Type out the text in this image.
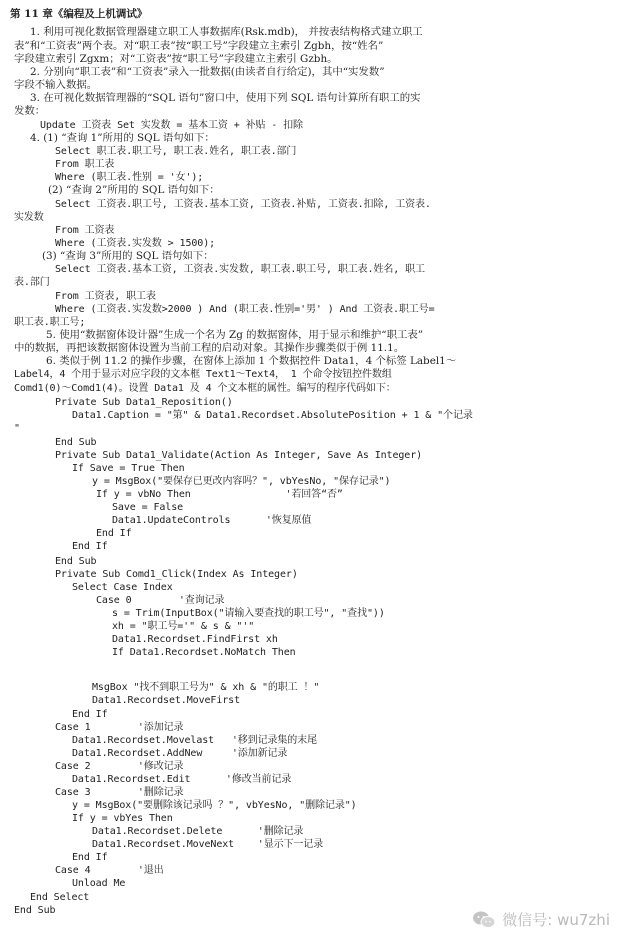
第 11 章《编程及上机调试》
1. 利用可视化数据管理器建立职工人事数据库(Rsk.mdb)， 并按表结构格式建立职工
表”和“工资表”两个表。对“职工表”按“职工号”字段建立主索引 Zgbh，按“姓名”
字段建立索引 Zgxm；对“工资表”按“职工号”字段建立主索引 Gzbh。
2. 分别向“职工表”和“工资表”录入一批数据(由读者自行给定)，其中“实发数”
字段不输入数据。
3. 在可视化数据管理器的“SQL 语句”窗口中，使用下列 SQL 语句计算所有职工的实
发数：
Update 工资表 Set 实发数 = 基本工资 + 补贴 - 扣除
4. (1) “查询 1”所用的 SQL 语句如下：
Select 职工表.职工号, 职工表.姓名, 职工表.部门
From 职工表
Where (职工表.性别 = '女');
(2) “查询 2”所用的 SQL 语句如下：
Select 工资表.职工号, 工资表.基本工资, 工资表.补贴, 工资表.扣除, 工资表.
实发数
From 工资表
Where (工资表.实发数 > 1500);
(3) “查询 3”所用的 SQL 语句如下：
Select 工资表.基本工资, 工资表.实发数, 职工表.职工号, 职工表.姓名, 职工
表.部门
From 工资表, 职工表
Where (工资表.实发数>2000 ) And (职工表.性别='男' ) And 工资表.职工号=
职工表.职工号;
5. 使用“数据窗体设计器”生成一个名为 Zg 的数据窗体，用于显示和维护“职工表”
中的数据，再把该数据窗体设置为当前工程的启动对象。其操作步骤类似于例 11.1。
6. 类似于例 11.2 的操作步骤，在窗体上添加 1 个数据控件 Data1，4 个标签 Label1～
Label4，4 个用于显示对应字段的文本框 Text1～Text4， 1 个命令按钮控件数组
Comd1(0)～Comd1(4)。设置 Data1 及 4 个文本框的属性。编写的程序代码如下：
Private Sub Data1_Reposition()
Data1.Caption = "第" & Data1.Recordset.AbsolutePosition + 1 & "个记录
"
End Sub
Private Sub Data1_Validate(Action As Integer, Save As Integer)
If Save = True Then
y = MsgBox("要保存已更改内容吗？", vbYesNo, "保存记录")
If y = vbNo Then                '若回答“否”
Save = False
Data1.UpdateControls      '恢复原值
End If
End If
End Sub
Private Sub Comd1_Click(Index As Integer)
Select Case Index
Case 0        '查询记录
s = Trim(InputBox("请输入要查找的职工号", "查找"))
xh = "职工号='" & s & "'"
Data1.Recordset.FindFirst xh
If Data1.Recordset.NoMatch Then
MsgBox "找不到职工号为" & xh & "的职工 ！"
Data1.Recordset.MoveFirst
End If
Case 1        '添加记录
Data1.Recordset.Movelast   '移到记录集的末尾
Data1.Recordset.AddNew     '添加新记录
Case 2        '修改记录
Data1.Recordset.Edit      '修改当前记录
Case 3        '删除记录
y = MsgBox("要删除该记录吗 ？", vbYesNo, "删除记录")
If y = vbYes Then
Data1.Recordset.Delete      '删除记录
Data1.Recordset.MoveNext    '显示下一记录
End If
Case 4        '退出
Unload Me
End Select
End Sub	微信号: wu7zhi
